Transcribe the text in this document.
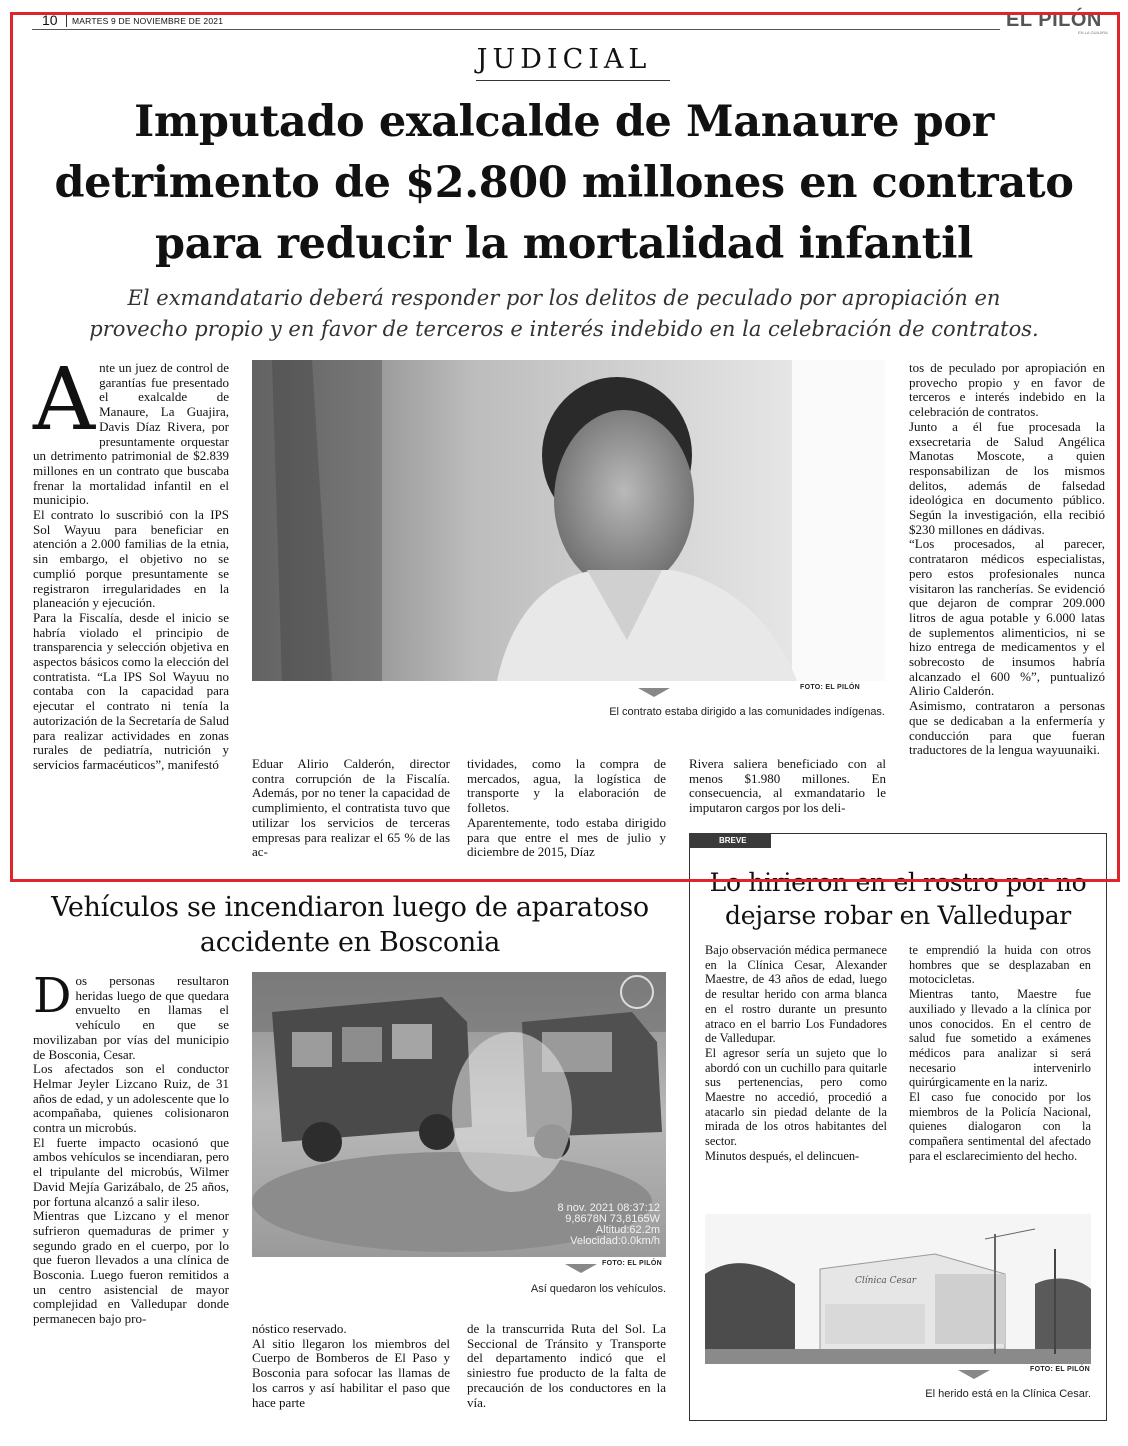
10 MARTES 9 DE NOVIEMBRE DE 2021	EL PILÓN
EN LA GUAJIRA
JUDICIAL
Imputado exalcalde de Manaure por
detrimento de $2.800 millones en contrato
para reducir la mortalidad infantil
El exmandatario deberá responder por los delitos de peculado por apropiación en
provecho propio y en favor de terceros e interés indebido en la celebración de contratos.

Ante un juez de control de garantías fue presentado el exalcalde de Manaure, La Guajira, Davis Díaz Rivera, por presuntamente orquestar un detrimento patrimonial de $2.839 millones en un contrato que buscaba frenar la mortalidad infantil en el municipio.

El contrato lo suscribió con la IPS Sol Wayuu para beneficiar en atención a 2.000 familias de la etnia, sin embargo, el objetivo no se cumplió porque presuntamente se registraron irregularidades en la planeación y ejecución.

Para la Fiscalía, desde el inicio se habría violado el principio de transparencia y selección objetiva en aspectos básicos como la elección del contratista. “La IPS Sol Wayuu no contaba con la capacidad para ejecutar el contrato ni tenía la autorización de la Secretaría de Salud para realizar actividades en zonas rurales de pediatría, nutrición y servicios farmacéuticos”, manifestó

FOTO: EL PILÓN
El contrato estaba dirigido a las comunidades indígenas.

Eduar Alirio Calderón, director contra corrupción de la Fiscalía. Además, por no tener la capacidad de cumplimiento, el contratista tuvo que utilizar los servicios de terceras empresas para realizar el 65 % de las ac-

tividades, como la compra de mercados, agua, la logística de transporte y la elaboración de folletos.

Aparentemente, todo estaba dirigido para que entre el mes de julio y diciembre de 2015, Díaz

Rivera saliera beneficiado con al menos $1.980 millones. En consecuencia, al exmandatario le imputaron cargos por los deli-

tos de peculado por apropiación en provecho propio y en favor de terceros e interés indebido en la celebración de contratos.

Junto a él fue procesada la exsecretaria de Salud Angélica Manotas Moscote, a quien responsabilizan de los mismos delitos, además de falsedad ideológica en documento público. Según la investigación, ella recibió $230 millones en dádivas.

“Los procesados, al parecer, contrataron médicos especialistas, pero estos profesionales nunca visitaron las rancherías. Se evidenció que dejaron de comprar 209.000 litros de agua potable y 6.000 latas de suplementos alimenticios, ni se hizo entrega de medicamentos y el sobrecosto de insumos habría alcanzado el 600 %”, puntualizó Alirio Calderón.

Asimismo, contrataron a personas que se dedicaban a la enfermería y conducción para que fueran traductores de la lengua wayuunaiki.

Vehículos se incendiaron luego de aparatoso
accidente en Bosconia

Dos personas resultaron heridas luego de que quedara envuelto en llamas el vehículo en que se movilizaban por vías del municipio de Bosconia, Cesar.

Los afectados son el conductor Helmar Jeyler Lizcano Ruiz, de 31 años de edad, y un adolescente que lo acompañaba, quienes colisionaron contra un microbús.

El fuerte impacto ocasionó que ambos vehículos se incendiaran, pero el tripulante del microbús, Wilmer David Mejía Garizábalo, de 25 años, por fortuna alcanzó a salir ileso.

Mientras que Lizcano y el menor sufrieron quemaduras de primer y segundo grado en el cuerpo, por lo que fueron llevados a una clínica de Bosconia. Luego fueron remitidos a un centro asistencial de mayor complejidad en Valledupar donde permanecen bajo pro-

8 nov. 2021 08:37:12
9,8678N 73,8165W
Altitud:62.2m
Velocidad:0.0km/h
FOTO: EL PILÓN
Así quedaron los vehículos.

nóstico reservado.

Al sitio llegaron los miembros del Cuerpo de Bomberos de El Paso y Bosconia para sofocar las llamas de los carros y así habilitar el paso que hace parte

de la transcurrida Ruta del Sol. La Seccional de Tránsito y Transporte del departamento indicó que el siniestro fue producto de la falta de precaución de los conductores en la vía.

BREVE
Lo hirieron en el rostro por no
dejarse robar en Valledupar

Bajo observación médica permanece en la Clínica Cesar, Alexander Maestre, de 43 años de edad, luego de resultar herido con arma blanca en el rostro durante un presunto atraco en el barrio Los Fundadores de Valledupar.

El agresor sería un sujeto que lo abordó con un cuchillo para quitarle sus pertenencias, pero como Maestre no accedió, procedió a atacarlo sin piedad delante de la mirada de los otros habitantes del sector.

Minutos después, el delincuen-

te emprendió la huida con otros hombres que se desplazaban en motocicletas.

Mientras tanto, Maestre fue auxiliado y llevado a la clínica por unos conocidos. En el centro de salud fue sometido a exámenes médicos para analizar si será necesario intervenirlo quirúrgicamente en la nariz.

El caso fue conocido por los miembros de la Policía Nacional, quienes dialogaron con la compañera sentimental del afectado para el esclarecimiento del hecho.

Clínica Cesar
FOTO: EL PILÓN
El herido está en la Clínica Cesar.
